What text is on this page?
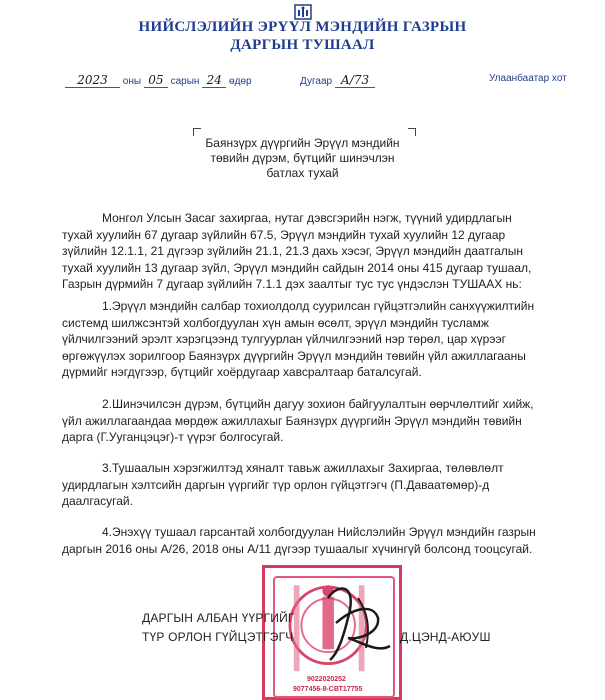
НИЙСЛЭЛИЙН ЭРҮҮЛ МЭНДИЙН ГАЗРЫН
ДАРГЫН ТУШААЛ
2023 оны 05 сарын 24 өдөр	Дугаар А/73	Улаанбаатар хот
Баянзүрх дүүргийн Эрүүл мэндийн
төвийн дүрэм, бүтцийг шинэчлэн
батлах тухай
Монгол Улсын Засаг захиргаа, нутаг дэвсгэрийн нэгж, түүний удирдлагын
тухай хуулийн 67 дугаар зүйлийн 67.5, Эрүүл мэндийн тухай хуулийн 12 дугаар
зүйлийн 12.1.1, 21 дүгээр зүйлийн 21.1, 21.3 дахь хэсэг, Эрүүл мэндийн даатгалын
тухай хуулийн 13 дугаар зүйл, Эрүүл мэндийн сайдын 2014 оны 415 дугаар тушаал,
Газрын дүрмийн 7 дугаар зүйлийн 7.1.1 дэх заалтыг тус тус үндэслэн ТУШААХ нь:
1.Эрүүл мэндийн салбар тохиолдолд суурилсан гүйцэтгэлийн санхүүжилтийн
системд шилжсэнтэй холбогдуулан хүн амын өсөлт, эрүүл мэндийн тусламж
үйлчилгээний эрэлт хэрэгцээнд тулгуурлан үйлчилгээний нэр төрөл, цар хүрээг
өргөжүүлэх зорилгоор Баянзүрх дүүргийн Эрүүл мэндийн төвийн үйл ажиллагааны
дүрмийг нэгдүгээр, бүтцийг хоёрдугаар хавсралтаар баталсугай.
2.Шинэчилсэн дүрэм, бүтцийн дагуу зохион байгуулалтын өөрчлөлтийг хийж,
үйл ажиллагаандаа мөрдөж ажиллахыг Баянзүрх дүүргийн Эрүүл мэндийн төвийн
дарга (Г.Ууганцэцэг)-т үүрэг болгосугай.
3.Тушаалын хэрэгжилтэд хяналт тавьж ажиллахыг Захиргаа, төлөвлөлт
удирдлагын хэлтсийн даргын үүргийг түр орлон гүйцэтгэгч (П.Даваатөмөр)-д
даалгасугай.
4.Энэхүү тушаал гарсантай холбогдуулан Нийслэлийн Эрүүл мэндийн газрын
даргын 2016 оны А/26, 2018 оны А/11 дүгээр тушаалыг хүчингүй болсонд тооцсугай.
9022020252
9077456-8-СВТ17755
ДАРГЫН АЛБАН ҮҮРГИЙГ
ТҮР ОРЛОН ГҮЙЦЭТГЭГЧ	Д.ЦЭНД-АЮУШ
